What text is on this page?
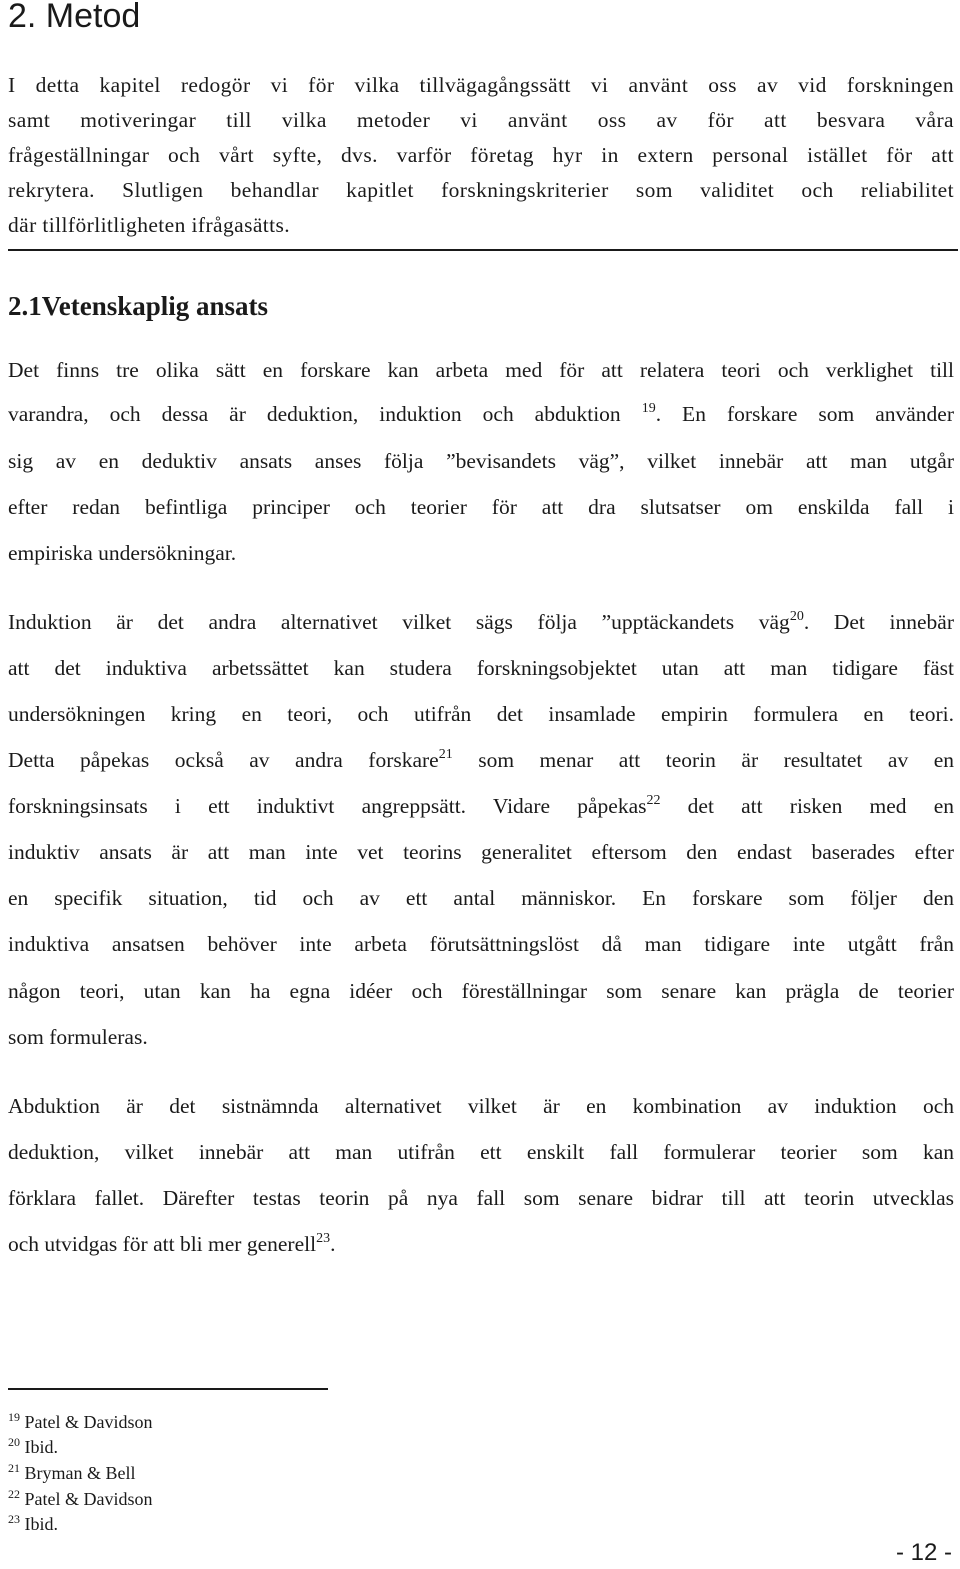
2. Metod

I detta kapitel redogör vi för vilka tillvägagångssätt vi använt oss av vid forskningen

samt motiveringar till vilka metoder vi använt oss av för att besvara våra

frågeställningar och vårt syfte, dvs. varför företag hyr in extern personal istället för att

rekrytera. Slutligen behandlar kapitlet forskningskriterier som validitet och reliabilitet

där tillförlitligheten ifrågasätts.

2.1Vetenskaplig ansats

Det finns tre olika sätt en forskare kan arbeta med för att relatera teori och verklighet till

varandra, och dessa är deduktion, induktion och abduktion $^{19}$. En forskare som använder

sig av en deduktiv ansats anses följa ”bevisandets väg”, vilket innebär att man utgår

efter redan befintliga principer och teorier för att dra slutsatser om enskilda fall i

empiriska undersökningar.

Induktion är det andra alternativet vilket sägs följa ”upptäckandets väg$^{20}$. Det innebär

att det induktiva arbetssättet kan studera forskningsobjektet utan att man tidigare fäst

undersökningen kring en teori, och utifrån det insamlade empirin formulera en teori.

Detta påpekas också av andra forskare$^{21}$ som menar att teorin är resultatet av en

forskningsinsats i ett induktivt angreppsätt. Vidare påpekas$^{22}$ det att risken med en

induktiv ansats är att man inte vet teorins generalitet eftersom den endast baserades efter

en specifik situation, tid och av ett antal människor. En forskare som följer den

induktiva ansatsen behöver inte arbeta förutsättningslöst då man tidigare inte utgått från

någon teori, utan kan ha egna idéer och föreställningar som senare kan prägla de teorier

som formuleras.

Abduktion är det sistnämnda alternativet vilket är en kombination av induktion och

deduktion, vilket innebär att man utifrån ett enskilt fall formulerar teorier som kan

förklara fallet. Därefter testas teorin på nya fall som senare bidrar till att teorin utvecklas

och utvidgas för att bli mer generell$^{23}$.

$^{19}$ Patel & Davidson

$^{20}$ Ibid.

$^{21}$ Bryman & Bell

$^{22}$ Patel & Davidson

$^{23}$ Ibid.

- 12 -
